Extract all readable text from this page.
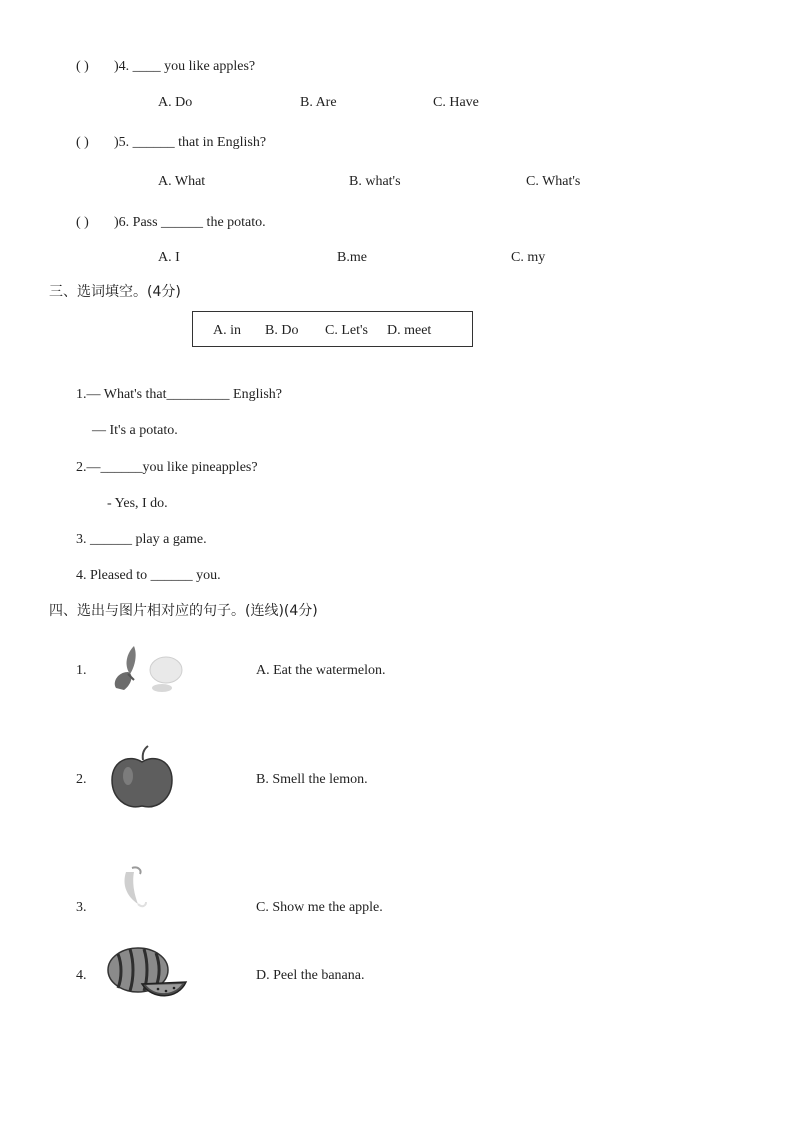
( ) )4. ____ you like apples?
A. Do	B. Are	C. Have
( ) )5. ______ that in English?
A. What	B. what's	C. What's
( ) )6. Pass ______ the potato.
A. I	B.me	C. my
三、选词填空。(4分)
A. in B. Do C. Let's D. meet
1.— What's that_________ English?
— It's a potato.
2.—______you like pineapples?
- Yes, I do.
3. ______ play a game.
4. Pleased to ______ you.
四、选出与图片相对应的句子。(连线)(4分)
1.	A. Eat the watermelon.
2.	B. Smell the lemon.
3.	C. Show me the apple.
4.	D. Peel the banana.
